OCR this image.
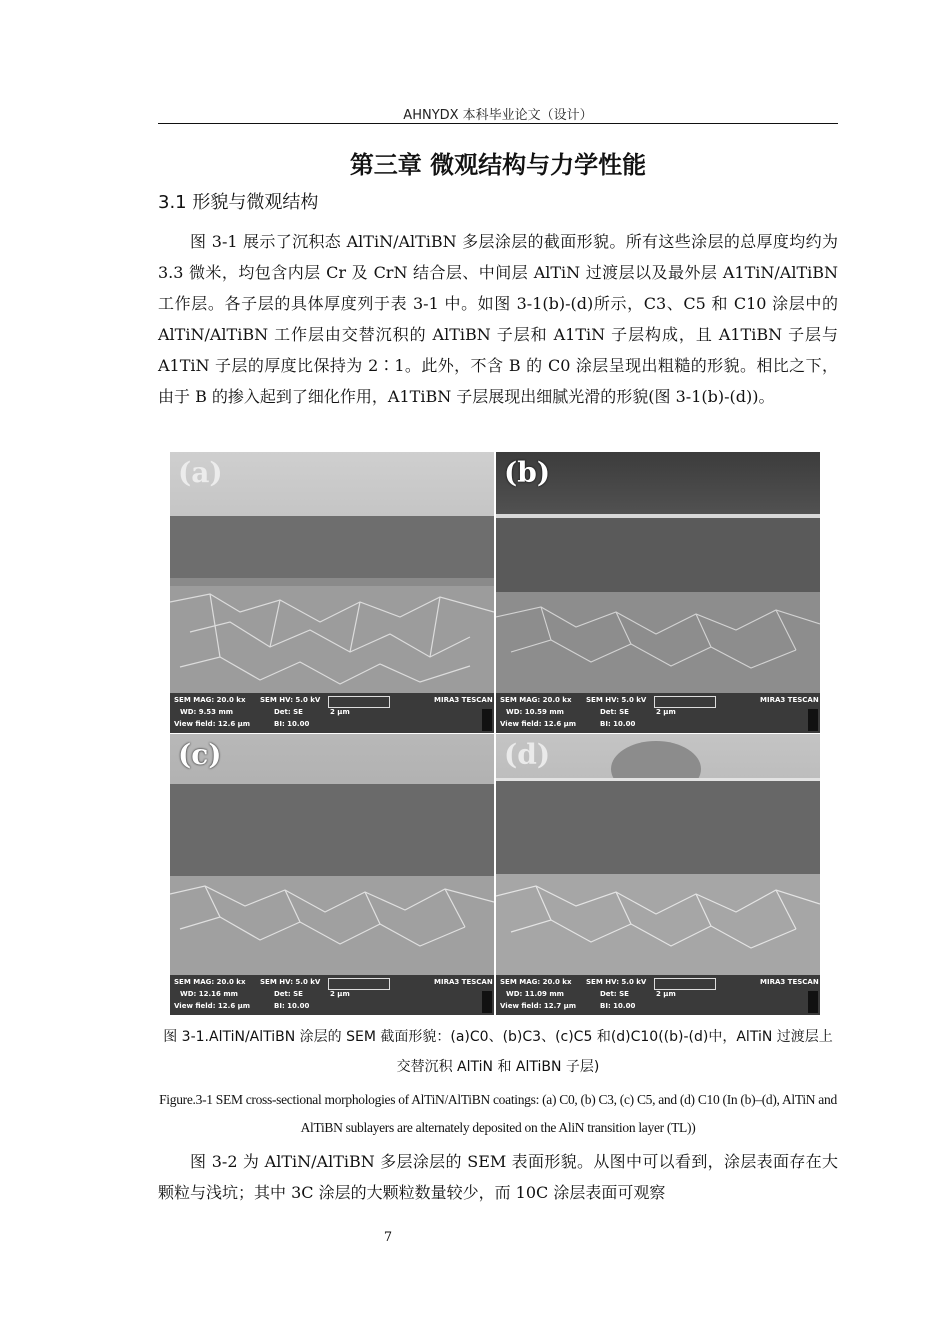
AHNYDX 本科毕业论文（设计）
第三章 微观结构与力学性能
3.1 形貌与微观结构
图 3-1 展示了沉积态 AlTiN/AlTiBN 多层涂层的截面形貌。所有这些涂层的总厚度均约为 3.3 微米，均包含内层 Cr 及 CrN 结合层、中间层 AlTiN 过渡层以及最外层 A1TiN/AlTiBN 工作层。各子层的具体厚度列于表 3-1 中。如图 3-1(b)-(d)所示，C3、C5 和 C10 涂层中的 AlTiN/AlTiBN 工作层由交替沉积的 AlTiBN 子层和 A1TiN 子层构成，且 A1TiBN 子层与 A1TiN 子层的厚度比保持为 2∶1。此外，不含 B 的 C0 涂层呈现出粗糙的形貌。相比之下，由于 B 的掺入起到了细化作用，A1TiBN 子层展现出细腻光滑的形貌(图 3-1(b)-(d))。
(a)
SEM MAG: 20.0 kx SEM HV: 5.0 kV	MIRA3 TESCAN
WD: 9.53 mm	Det: SE	2 μm
View field: 12.6 μm	BI: 10.00
(b)
SEM MAG: 20.0 kx SEM HV: 5.0 kV	MIRA3 TESCAN
WD: 10.59 mm	Det: SE	2 μm
View field: 12.6 μm	BI: 10.00
(c)
SEM MAG: 20.0 kx SEM HV: 5.0 kV	MIRA3 TESCAN
WD: 12.16 mm	Det: SE	2 μm
View field: 12.6 μm	BI: 10.00
(d)
SEM MAG: 20.0 kx SEM HV: 5.0 kV	MIRA3 TESCAN
WD: 11.09 mm	Det: SE	2 μm
View field: 12.7 μm	BI: 10.00
图 3-1.AlTiN/AlTiBN 涂层的 SEM 截面形貌：(a)C0、(b)C3、(c)C5 和(d)C10((b)-(d)中，AlTiN 过渡层上交替沉积 AlTiN 和 AlTiBN 子层)
Figure.3-1 SEM cross-sectional morphologies of AlTiN/AlTiBN coatings: (a) C0, (b) C3, (c) C5, and (d) C10 (In (b)–(d), AlTiN and AlTiBN sublayers are alternately deposited on the AliN transition layer (TL))
图 3-2 为 AlTiN/AlTiBN 多层涂层的 SEM 表面形貌。从图中可以看到，涂层表面存在大颗粒与浅坑；其中 3C 涂层的大颗粒数量较少，而 10C 涂层表面可观察
7
